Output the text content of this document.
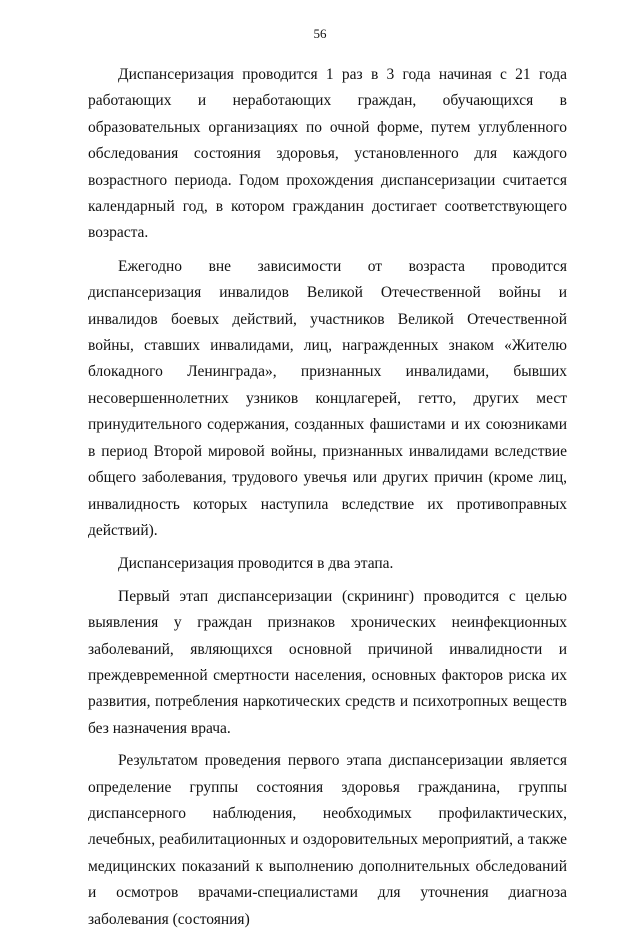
56

Диспансеризация проводится 1 раз в 3 года начиная с 21 года работающих и неработающих граждан, обучающихся в образовательных организациях по очной форме, путем углубленного обследования состояния здоровья, установленного для каждого возрастного периода. Годом прохождения диспансеризации считается календарный год, в котором гражданин достигает соответствующего возраста.

Ежегодно вне зависимости от возраста проводится диспансеризация инвалидов Великой Отечественной войны и инвалидов боевых действий, участников Великой Отечественной войны, ставших инвалидами, лиц, награжденных знаком «Жителю блокадного Ленинграда», признанных инвалидами, бывших несовершеннолетних узников концлагерей, гетто, других мест принудительного содержания, созданных фашистами и их союзниками в период Второй мировой войны, признанных инвалидами вследствие общего заболевания, трудового увечья или других причин (кроме лиц, инвалидность которых наступила вследствие их противоправных действий).

Диспансеризация проводится в два этапа.

Первый этап диспансеризации (скрининг) проводится с целью выявления у граждан признаков хронических неинфекционных заболеваний, являющихся основной причиной инвалидности и преждевременной смертности населения, основных факторов риска их развития, потребления наркотических средств и психотропных веществ без назначения врача.

Результатом проведения первого этапа диспансеризации является определение группы состояния здоровья гражданина, группы диспансерного наблюдения, необходимых профилактических, лечебных, реабилитационных и оздоровительных мероприятий, а также медицинских показаний к выполнению дополнительных обследований и осмотров врачами-специалистами для уточнения диагноза заболевания (состояния)
